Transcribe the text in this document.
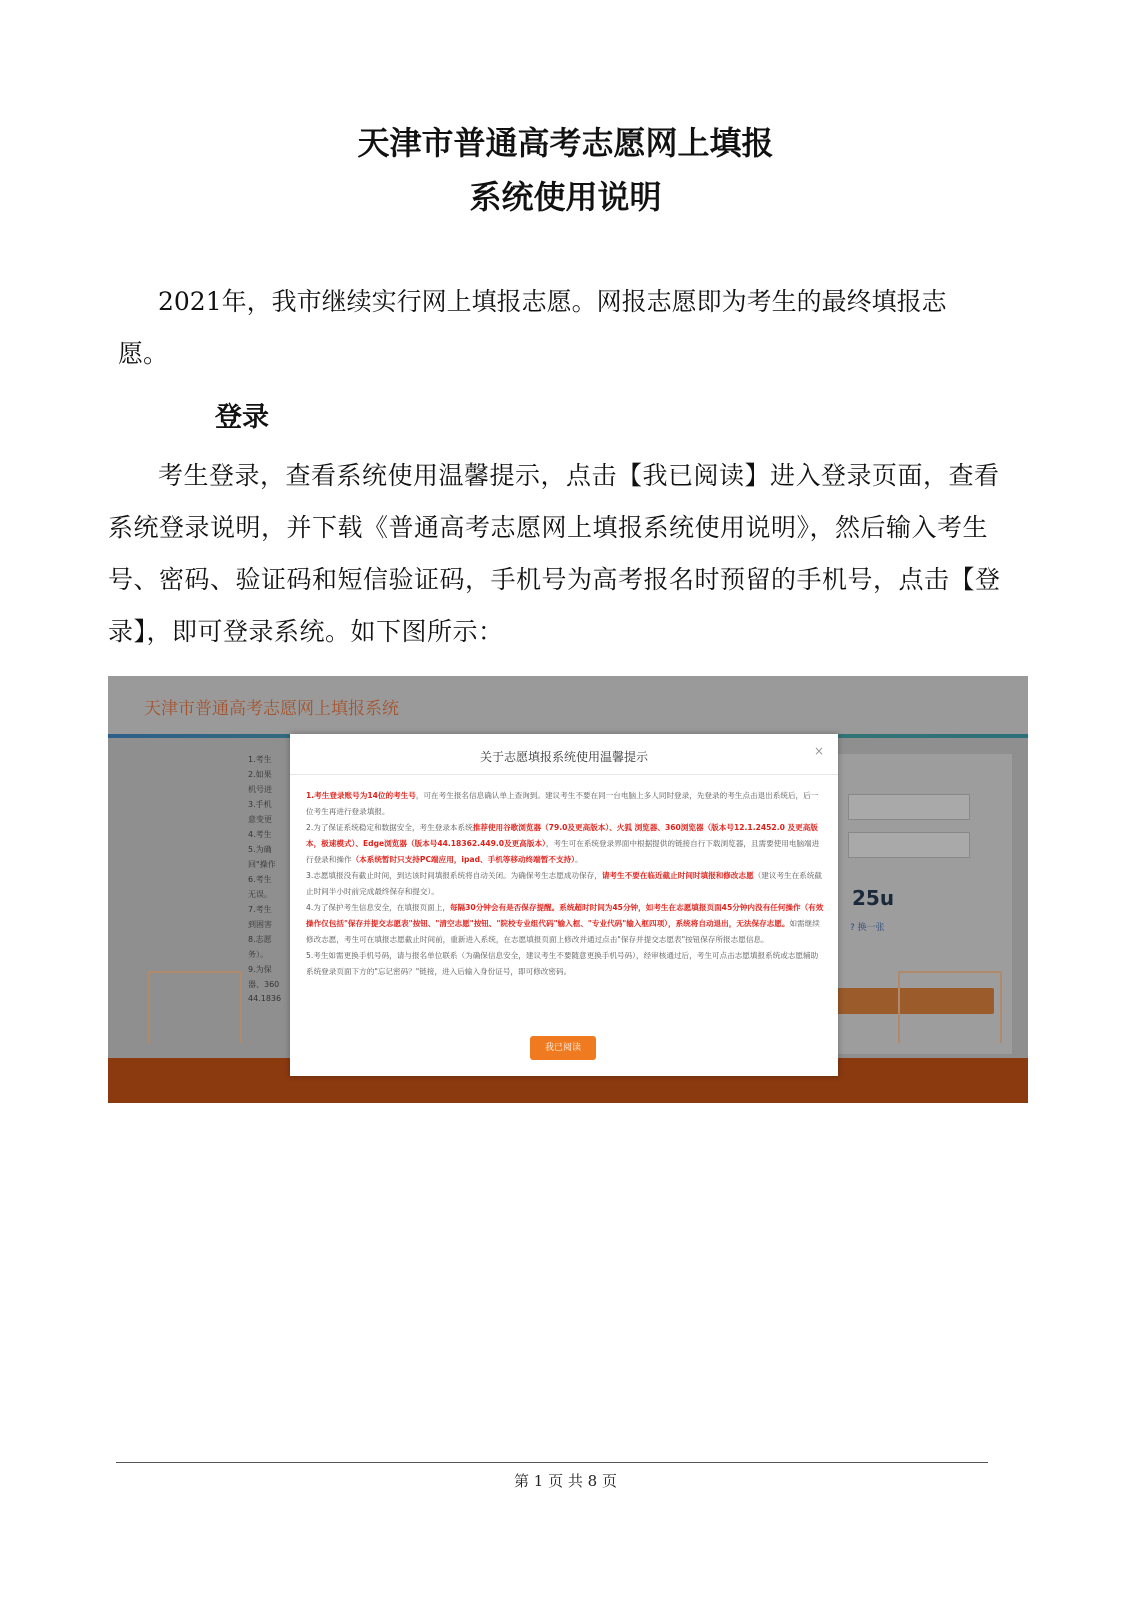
天津市普通高考志愿网上填报
系统使用说明
2021年，我市继续实行网上填报志愿。网报志愿即为考生的最终填报志
愿。
登录
考生登录，查看系统使用温馨提示，点击【我已阅读】进入登录页面，查看系统登录说明，并下载《普通高考志愿网上填报系统使用说明》，然后输入考生号、密码、验证码和短信验证码，手机号为高考报名时预留的手机号，点击【登录】，即可登录系统。如下图所示：
天津市普通高考志愿网上填报系统
1.考生
2.如果
机号进
3.手机
意变更
4.考生
5.为确
回"操作
6.考生
无误。
7.考生
到困害
8.志愿
务）。
9.为保
器、360
44.1836
25u
? 换一张
关于志愿填报系统使用温馨提示	×
1.考生登录账号为14位的考生号，可在考生报名信息确认单上查询到。建议考生不要在同一台电脑上多人同时登录，先登录的考生点击退出系统后，后一位考生再进行登录填报。
2.为了保证系统稳定和数据安全，考生登录本系统推荐使用谷歌浏览器（79.0及更高版本）、火狐 浏览器、360浏览器（版本号12.1.2452.0 及更高版本，极速模式）、Edge浏览器（版本号44.18362.449.0及更高版本），考生可在系统登录界面中根据提供的链接自行下载浏览器，且需要使用电脑端进行登录和操作（本系统暂时只支持PC端应用，ipad、手机等移动终端暂不支持）。
3.志愿填报没有截止时间，到达该时间填报系统将自动关闭。为确保考生志愿成功保存，请考生不要在临近截止时间时填报和修改志愿（建议考生在系统截止时间半小时前完成最终保存和提交）。
4.为了保护考生信息安全，在填报页面上，每隔30分钟会有是否保存提醒。系统超时时间为45分钟，如考生在志愿填报页面45分钟内没有任何操作（有效操作仅包括"保存并提交志愿表"按钮、"清空志愿"按钮、"院校专业组代码"输入框、"专业代码"输入框四项），系统将自动退出，无法保存志愿。如需继续修改志愿，考生可在填报志愿截止时间前，重新进入系统，在志愿填报页面上修改并通过点击"保存并提交志愿表"按钮保存所报志愿信息。
5.考生如需更换手机号码，请与报名单位联系（为确保信息安全，建议考生不要随意更换手机号码），经审核通过后，考生可点击志愿填报系统或志愿辅助系统登录页面下方的"忘记密码？"链接，进入后输入身份证号，即可修改密码。
我已阅读
第 1 页 共 8 页
